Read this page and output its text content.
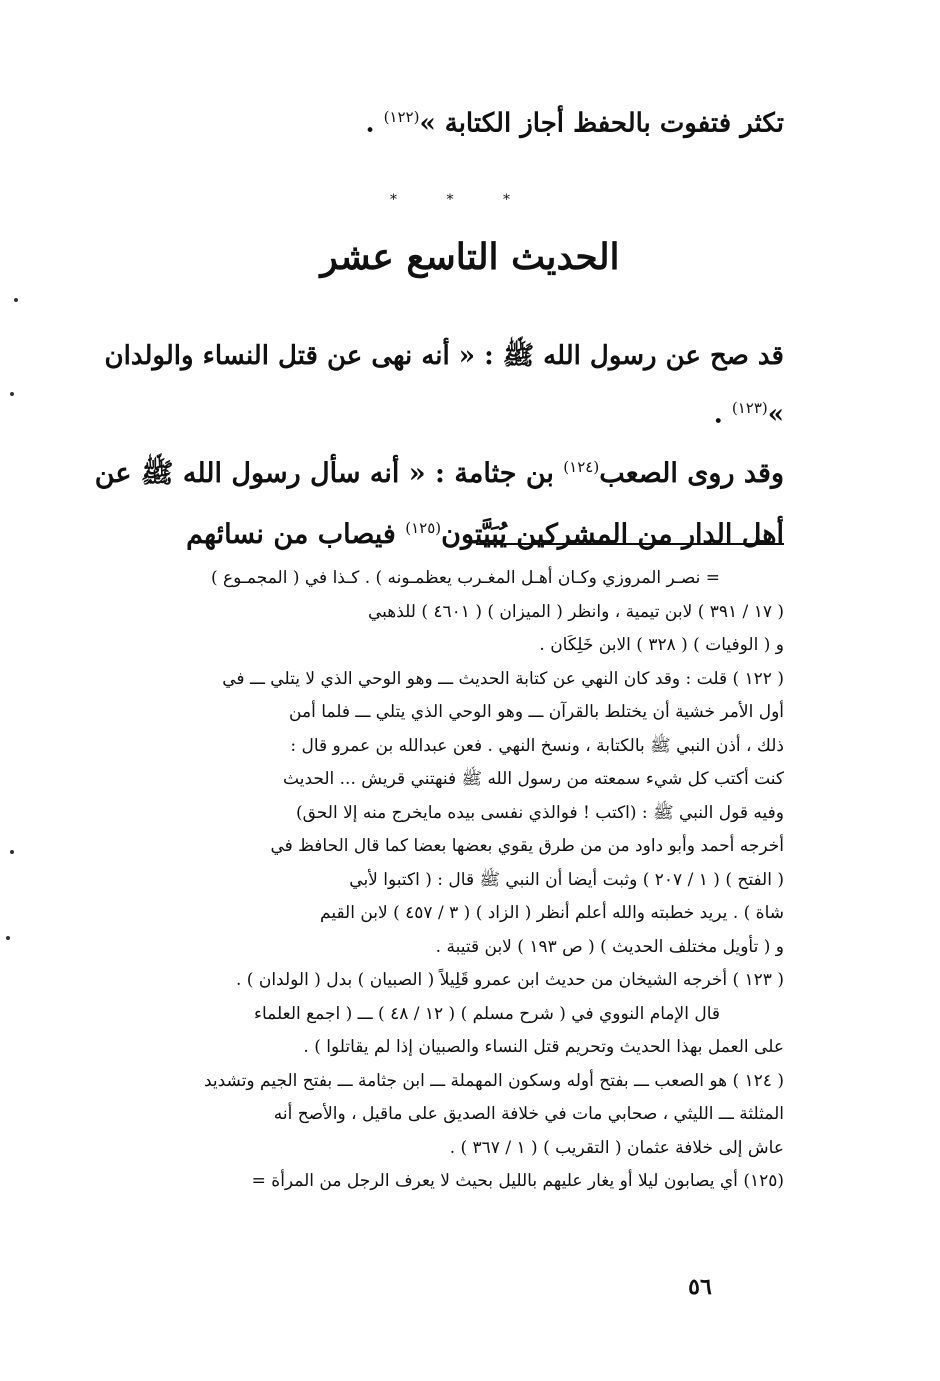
تكثر فتفوت بالحفظ أجاز الكتابة »$^{(١٢٢)}$ .
*	*	*
الحديث التاسع عشر
قد صح عن رسول الله ﷺ : « أنه نهى عن قتل النساء والولدان »$^{(١٢٣)}$ .
وقد روى الصعب$^{(١٢٤)}$ بن جثامة : « أنه سأل رسول الله ﷺ عن أهل الدار من المشركين يُبَيَّتون$^{(١٢٥)}$ فيصاب من نسائهم
= نصـر المروزي وكـان أهـل المغـرب يعظمـونه ) . كـذا في ( المجمـوع )
( ١٧ / ٣٩١ ) لابن تيمية ، وانظر ( الميزان ) ( ٤٦٠١ ) للذهبي
و ( الوفيات ) ( ٣٢٨ ) الابن خَلِكَان .
( ١٢٢ ) قلت : وقد كان النهي عن كتابة الحديث ـــ وهو الوحي الذي لا يتلي ـــ في
أول الأمر خشية أن يختلط بالقرآن ـــ وهو الوحي الذي يتلي ـــ فلما أمن
ذلك ، أذن النبي ﷺ بالكتابة ، ونسخ النهي . فعن عبدالله بن عمرو قال :
كنت أكتب كل شيء سمعته من رسول الله ﷺ فنهتني قريش ... الحديث
وفيه قول النبي ﷺ : (اكتب ! فوالذي نفسى بيده مايخرج منه إلا الحق)
أخرجه أحمد وأبو داود من من طرق يقوي بعضها بعضا كما قال الحافظ في
( الفتح ) ( ١ / ٢٠٧ ) وثبت أيضا أن النبي ﷺ قال : ( اكتبوا لأبي
شاة ) . يريد خطبته والله أعلم أنظر ( الزاد ) ( ٣ / ٤٥٧ ) لابن القيم
و ( تأويل مختلف الحديث ) ( ص ١٩٣ ) لابن قتيبة .
( ١٢٣ ) أخرجه الشيخان من حديث ابن عمرو قَلِيلاً ( الصبيان ) بدل ( الولدان ) .
قال الإمام النووي في ( شرح مسلم ) ( ١٢ / ٤٨ ) ـــ ( اجمع العلماء
على العمل بهذا الحديث وتحريم قتل النساء والصبيان إذا لم يقاتلوا ) .
( ١٢٤ ) هو الصعب ـــ بفتح أوله وسكون المهملة ـــ ابن جثامة ـــ بفتح الجيم وتشديد
المثلثة ـــ الليثي ، صحابي مات في خلافة الصديق على ماقيل ، والأصح أنه
عاش إلى خلافة عثمان ( التقريب ) ( ١ / ٣٦٧ ) .
(١٢٥) أي يصابون ليلا أو يغار عليهم بالليل بحيث لا يعرف الرجل من المرأة =
٥٦
